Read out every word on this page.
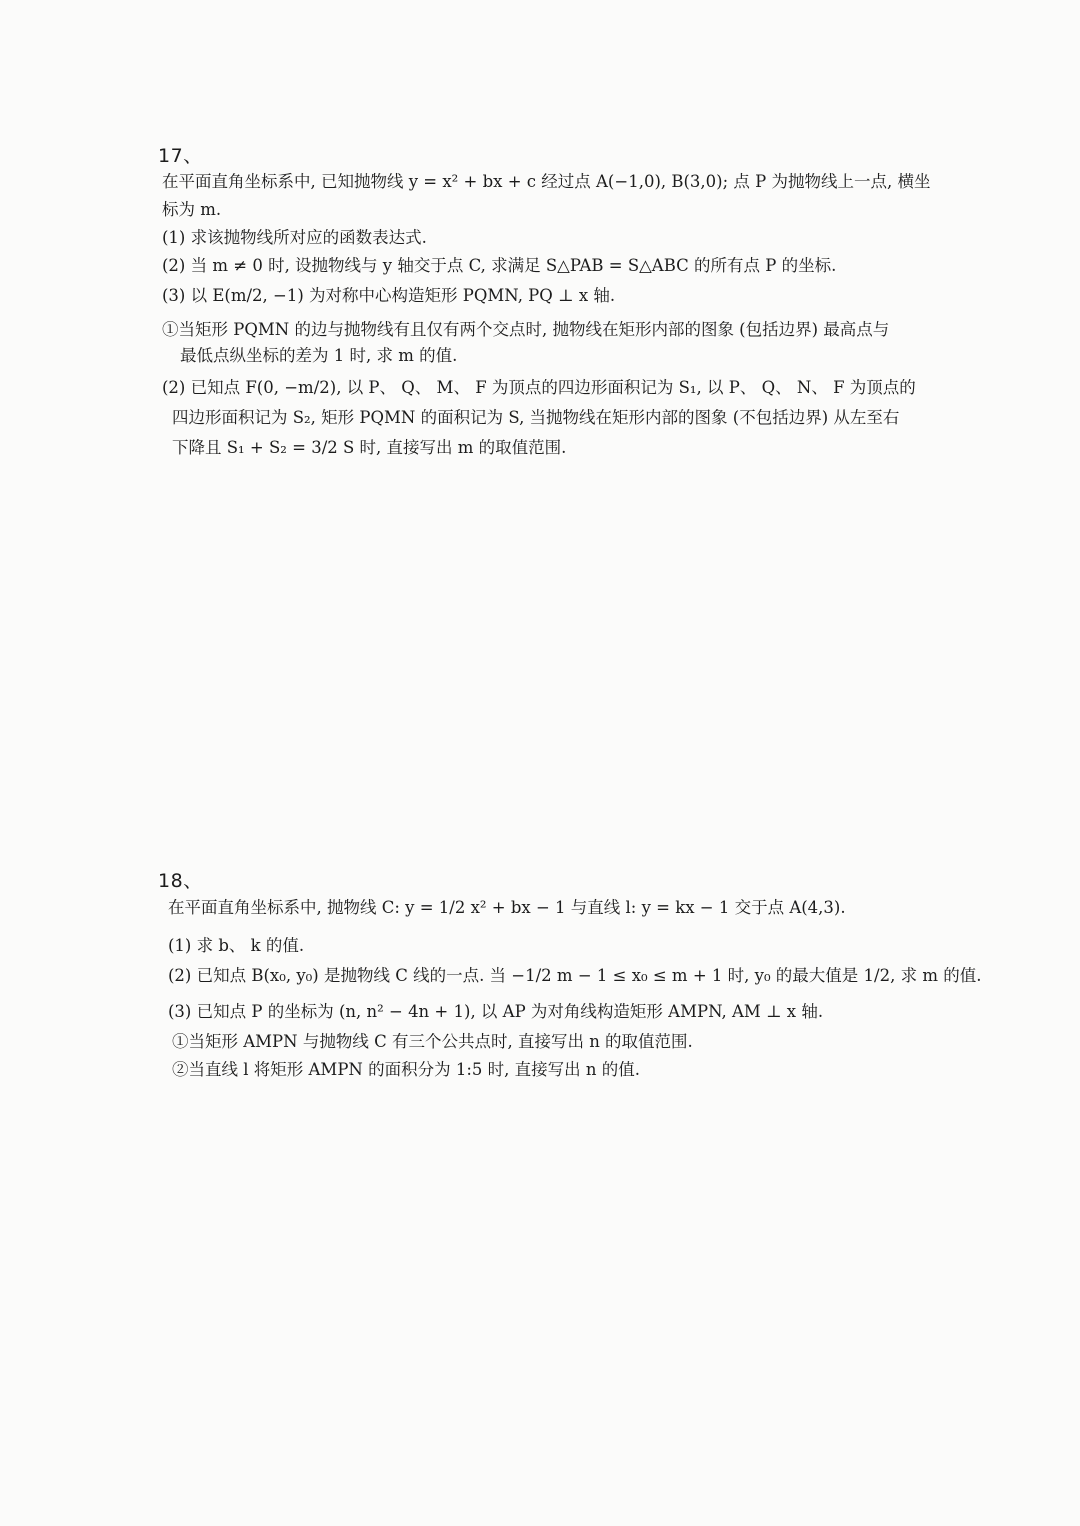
17、
在平面直角坐标系中, 已知抛物线 y = x² + bx + c 经过点 A(−1,0), B(3,0); 点 P 为抛物线上一点, 横坐
标为 m.
(1) 求该抛物线所对应的函数表达式.
(2) 当 m ≠ 0 时, 设抛物线与 y 轴交于点 C, 求满足 S△PAB = S△ABC 的所有点 P 的坐标.
(3) 以 E(m/2, −1) 为对称中心构造矩形 PQMN, PQ ⊥ x 轴.
①当矩形 PQMN 的边与抛物线有且仅有两个交点时, 抛物线在矩形内部的图象 (包括边界) 最高点与
最低点纵坐标的差为 1 时, 求 m 的值.
(2) 已知点 F(0, −m/2), 以 P、 Q、 M、 F 为顶点的四边形面积记为 S₁, 以 P、 Q、 N、 F 为顶点的
四边形面积记为 S₂, 矩形 PQMN 的面积记为 S, 当抛物线在矩形内部的图象 (不包括边界) 从左至右
下降且 S₁ + S₂ = 3/2 S 时, 直接写出 m 的取值范围.
18、
在平面直角坐标系中, 抛物线 C: y = 1/2 x² + bx − 1 与直线 l: y = kx − 1 交于点 A(4,3).
(1) 求 b、 k 的值.
(2) 已知点 B(x₀, y₀) 是抛物线 C 线的一点. 当 −1/2 m − 1 ≤ x₀ ≤ m + 1 时, y₀ 的最大值是 1/2, 求 m 的值.
(3) 已知点 P 的坐标为 (n, n² − 4n + 1), 以 AP 为对角线构造矩形 AMPN, AM ⊥ x 轴.
①当矩形 AMPN 与抛物线 C 有三个公共点时, 直接写出 n 的取值范围.
②当直线 l 将矩形 AMPN 的面积分为 1:5 时, 直接写出 n 的值.
